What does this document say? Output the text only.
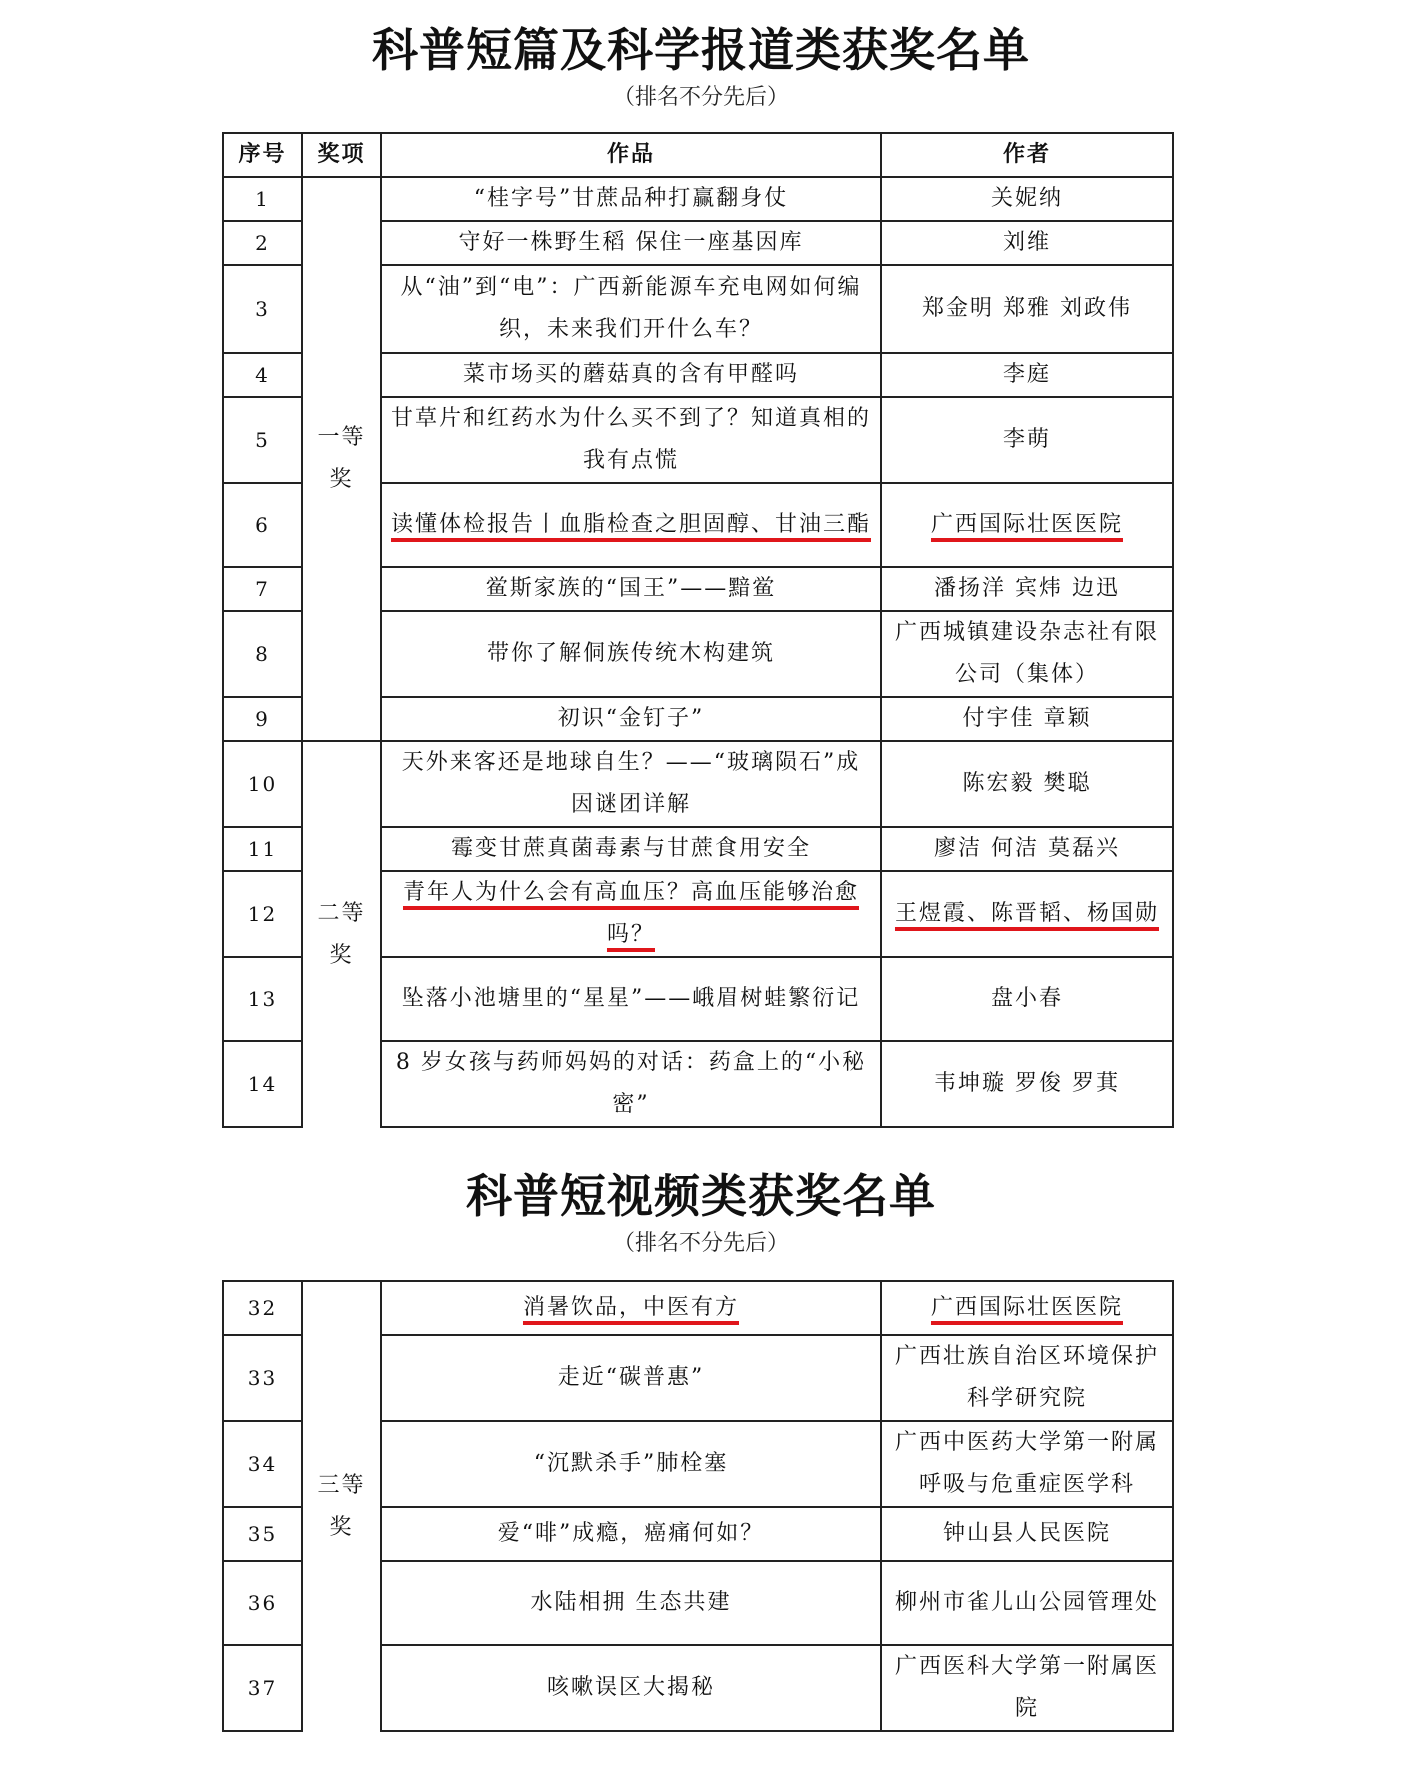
科普短篇及科学报道类获奖名单
（排名不分先后）
序号	奖项	作品	作者
1	一等奖	“桂字号”甘蔗品种打赢翻身仗	关妮纳
2		守好一株野生稻 保住一座基因库	刘维
3		从“油”到“电”：广西新能源车充电网如何编织，未来我们开什么车？	郑金明 郑雅 刘政伟
4		菜市场买的蘑菇真的含有甲醛吗	李庭
5		甘草片和红药水为什么买不到了？知道真相的我有点慌	李萌
6		读懂体检报告丨血脂检查之胆固醇、甘油三酯	广西国际壮医医院
7		鲎斯家族的“国王”——黯鲎	潘扬洋 宾炜 边迅
8		带你了解侗族传统木构建筑	广西城镇建设杂志社有限公司（集体）
9		初识“金钉子”	付宇佳 章颖
10	二等奖	天外来客还是地球自生？——“玻璃陨石”成因谜团详解	陈宏毅 樊聪
11		霉变甘蔗真菌毒素与甘蔗食用安全	廖洁 何洁 莫磊兴
12		青年人为什么会有高血压？高血压能够治愈吗？	王煜霞、陈晋韬、杨国勋
13		坠落小池塘里的“星星”——峨眉树蛙繁衍记	盘小春
14		8 岁女孩与药师妈妈的对话：药盒上的“小秘密”	韦坤璇 罗俊 罗萁
科普短视频类获奖名单
（排名不分先后）
32	三等奖	消暑饮品，中医有方	广西国际壮医医院
33		走近“碳普惠”	广西壮族自治区环境保护科学研究院
34		“沉默杀手”肺栓塞	广西中医药大学第一附属呼吸与危重症医学科
35		爱“啡”成瘾，癌痛何如？	钟山县人民医院
36		水陆相拥 生态共建	柳州市雀儿山公园管理处
37		咳嗽误区大揭秘	广西医科大学第一附属医院
